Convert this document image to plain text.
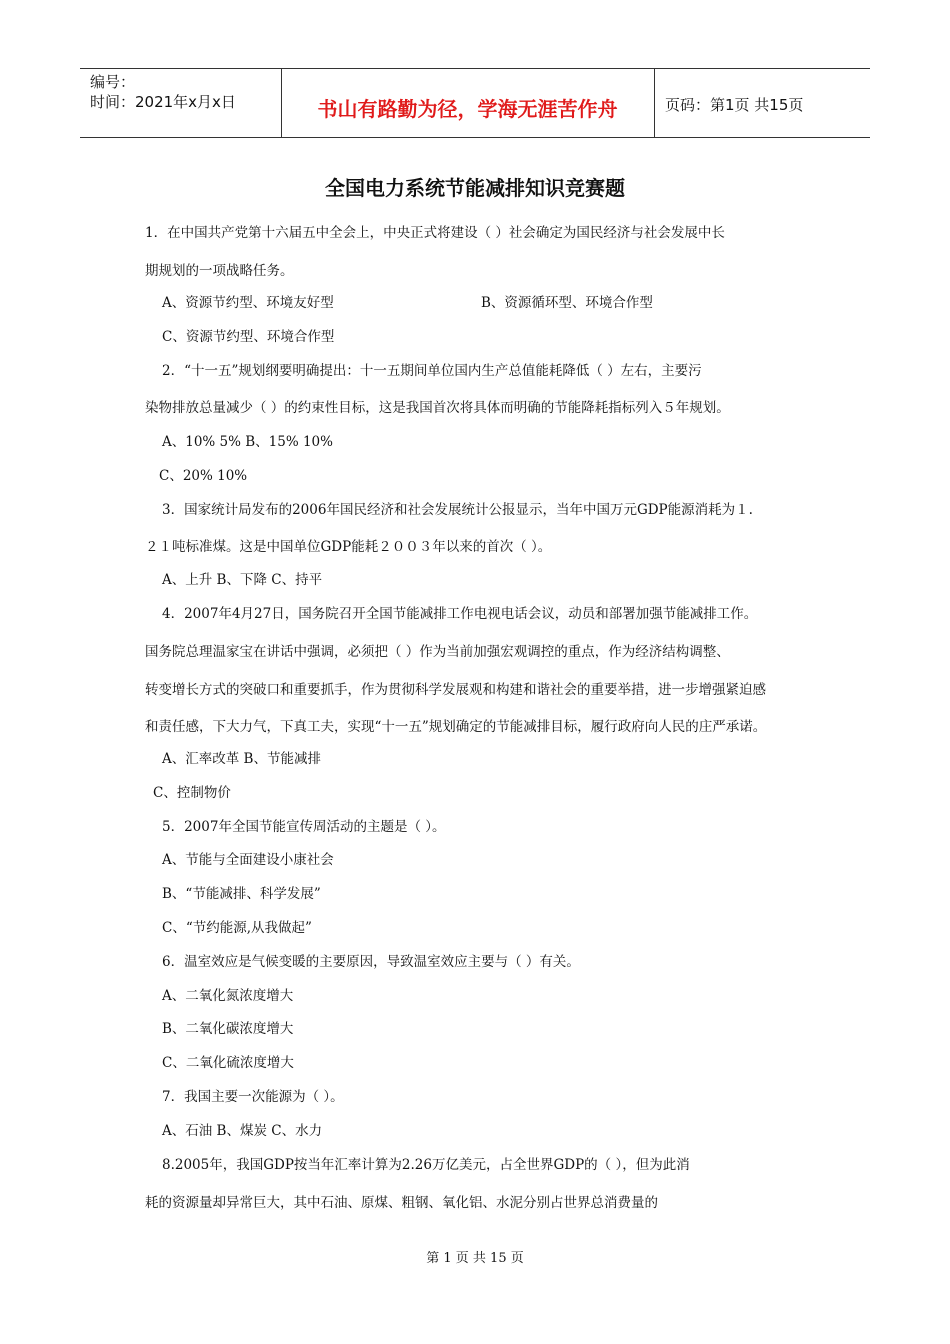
编号：
时间：2021年x月x日	书山有路勤为径，学海无涯苦作舟	页码：第1页 共15页
全国电力系统节能减排知识竞赛题
1．在中国共产党第十六届五中全会上，中央正式将建设（ ）社会确定为国民经济与社会发展中长
期规划的一项战略任务。
A、资源节约型、环境友好型	B、资源循环型、环境合作型
C、资源节约型、环境合作型
2．“十一五”规划纲要明确提出：十一五期间单位国内生产总值能耗降低（ ）左右，主要污
染物排放总量减少（ ）的约束性目标，这是我国首次将具体而明确的节能降耗指标列入５年规划。
A、10% 5% B、15% 10%
C、20% 10%
3．国家统计局发布的2006年国民经济和社会发展统计公报显示，当年中国万元GDP能源消耗为１.
２１吨标准煤。这是中国单位GDP能耗２００３年以来的首次（ ）。
A、上升 B、下降 C、持平
4．2007年4月27日，国务院召开全国节能减排工作电视电话会议，动员和部署加强节能减排工作。
国务院总理温家宝在讲话中强调，必须把（ ）作为当前加强宏观调控的重点，作为经济结构调整、
转变增长方式的突破口和重要抓手，作为贯彻科学发展观和构建和谐社会的重要举措，进一步增强紧迫感
和责任感，下大力气，下真工夫，实现“十一五”规划确定的节能减排目标，履行政府向人民的庄严承诺。
A、汇率改革 B、节能减排
C、控制物价
5．2007年全国节能宣传周活动的主题是（ ）。
A、节能与全面建设小康社会
B、“节能减排、科学发展”
C、“节约能源,从我做起”
6．温室效应是气候变暖的主要原因，导致温室效应主要与（ ）有关。
A、二氧化氮浓度增大
B、二氧化碳浓度增大
C、二氧化硫浓度增大
7．我国主要一次能源为（ ）。
A、石油 B、煤炭 C、水力
8.2005年，我国GDP按当年汇率计算为2.26万亿美元，占全世界GDP的（ ），但为此消
耗的资源量却异常巨大，其中石油、原煤、粗钢、氧化铝、水泥分别占世界总消费量的
第 1 页 共 15 页
